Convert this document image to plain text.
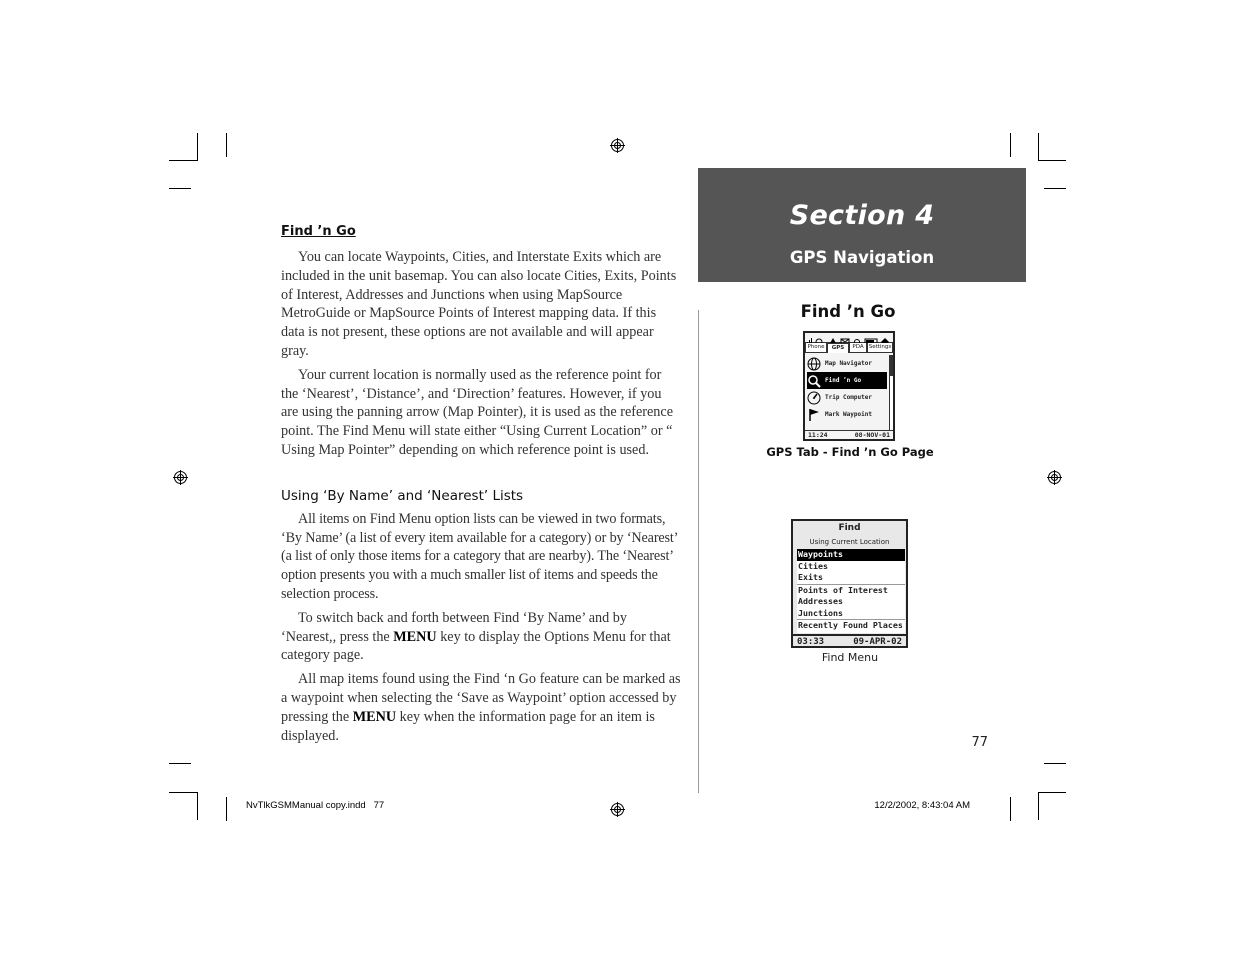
Find ’n Go

You can locate Waypoints, Cities, and Interstate Exits which are included in the unit basemap. You can also locate Cities, Exits, Points of Interest, Addresses and Junctions when using MapSource MetroGuide or MapSource Points of Interest mapping data. If this data is not present, these options are not available and will appear gray.

Your current location is normally used as the reference point for the ‘Nearest’, ‘Distance’, and ‘Direction’ features. However, if you are using the panning arrow (Map Pointer), it is used as the reference point. The Find Menu will state either “Using Current Location” or “ Using Map Pointer” depending on which reference point is used.

Using ‘By Name’ and ‘Nearest’ Lists

All items on Find Menu option lists can be viewed in two formats, ‘By Name’ (a list of every item available for a category) or by ‘Nearest’ (a list of only those items for a category that are nearby). The ‘Nearest’ option presents you with a much smaller list of items and speeds the selection process.

To switch back and forth between Find ‘By Name’ and by ‘Nearest,, press the MENU key to display the Options Menu for that category page.

All map items found using the Find ‘n Go feature can be marked as a waypoint when selecting the ‘Save as Waypoint’ option accessed by pressing the MENU key when the information page for an item is displayed.

Section 4
GPS Navigation
Find ’n Go
Phone	GPS	PDA Settings
Map Navigator
Find ’n Go
Trip Computer
Mark Waypoint
11:24	08-NOV-01
GPS Tab - Find ’n Go Page
Find
Using Current Location
Waypoints
Cities
Exits
Points of Interest
Addresses
Junctions
Recently Found Places
03:33	09-APR-02
Find Menu
77
NvTlkGSMManual copy.indd   77	12/2/2002, 8:43:04 AM
